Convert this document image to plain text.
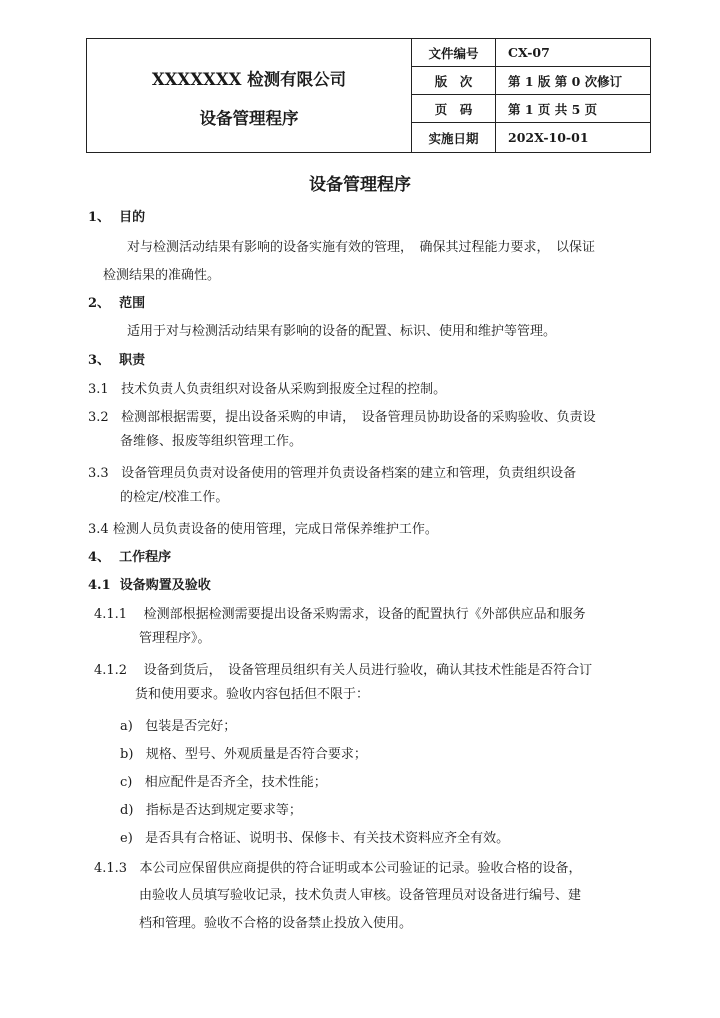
XXXXXXX 检测有限公司
设备管理程序
文件编号	CX-07
版　次	第 1 版 第 0 次修订
页　码	第 1 页 共 5 页
实施日期	202X-10-01
设备管理程序
1、 目的
对与检测活动结果有影响的设备实施有效的管理，　确保其过程能力要求，　以保证
检测结果的准确性。
2、 范围
适用于对与检测活动结果有影响的设备的配置、标识、使用和维护等管理。
3、 职责
3.1 技术负责人负责组织对设备从采购到报废全过程的控制。
3.2 检测部根据需要，提出设备采购的申请，　设备管理员协助设备的采购验收、负责设
备维修、报废等组织管理工作。
3.3 设备管理员负责对设备使用的管理并负责设备档案的建立和管理，负责组织设备
的检定/校准工作。
3.4 检测人员负责设备的使用管理，完成日常保养维护工作。
4、 工作程序
4.1 设备购置及验收
4.1.1 检测部根据检测需要提出设备采购需求，设备的配置执行《外部供应品和服务
管理程序》。
4.1.2 设备到货后，　设备管理员组织有关人员进行验收，确认其技术性能是否符合订
货和使用要求。验收内容包括但不限于：
a) 包装是否完好；
b) 规格、型号、外观质量是否符合要求；
c) 相应配件是否齐全，技术性能；
d) 指标是否达到规定要求等；
e) 是否具有合格证、说明书、保修卡、有关技术资料应齐全有效。
4.1.3 本公司应保留供应商提供的符合证明或本公司验证的记录。验收合格的设备，
由验收人员填写验收记录，技术负责人审核。设备管理员对设备进行编号、建
档和管理。验收不合格的设备禁止投放入使用。
